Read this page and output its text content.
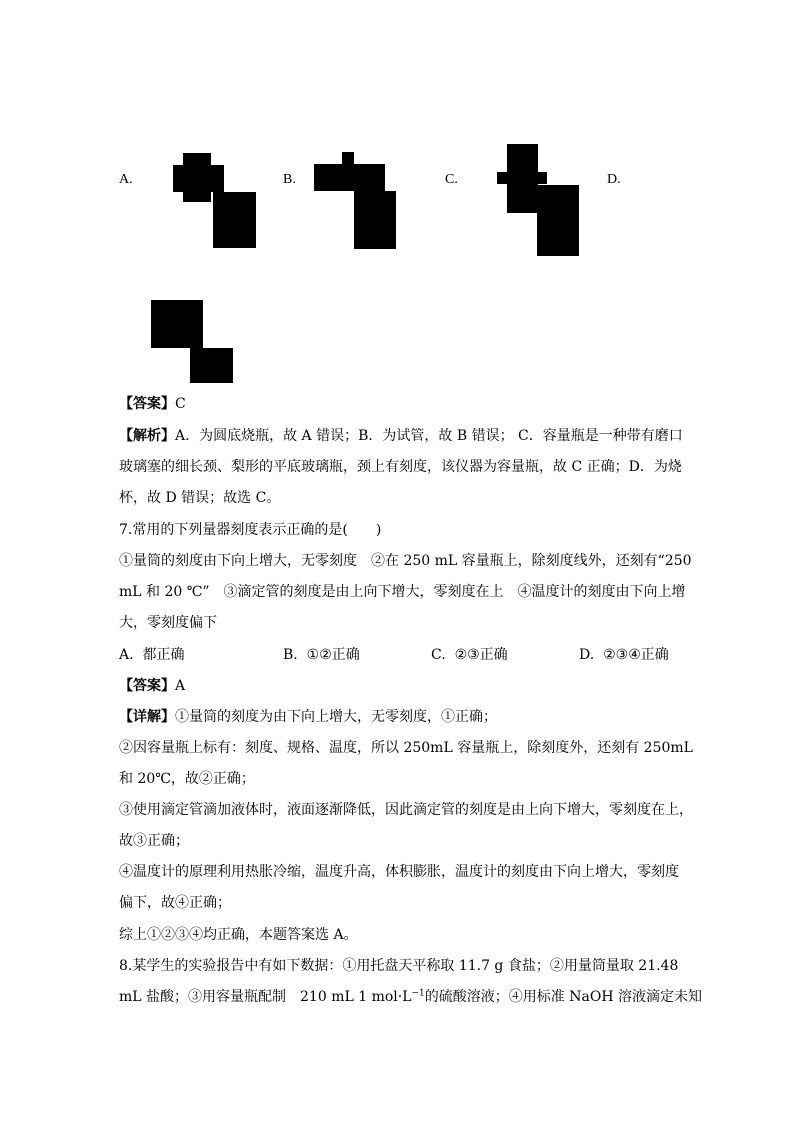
A.	B.	C.	D.
【答案】C
【解析】A．为圆底烧瓶，故 A 错误；B．为试管，故 B 错误； C．容量瓶是一种带有磨口
玻璃塞的细长颈、梨形的平底玻璃瓶，颈上有刻度，该仪器为容量瓶，故 C 正确；D．为烧
杯，故 D 错误；故选 C。
7.常用的下列量器刻度表示正确的是(　　)
①量筒的刻度由下向上增大，无零刻度　②在 250 mL 容量瓶上，除刻度线外，还刻有“250
mL 和 20 ℃”　③滴定管的刻度是由上向下增大，零刻度在上　④温度计的刻度由下向上增
大，零刻度偏下
A. 都正确	B. ①②正确	C. ②③正确	D. ②③④正确
【答案】A
【详解】①量筒的刻度为由下向上增大，无零刻度，①正确；
②因容量瓶上标有：刻度、规格、温度，所以 250mL 容量瓶上，除刻度外，还刻有 250mL
和 20℃，故②正确；
③使用滴定管滴加液体时，液面逐渐降低，因此滴定管的刻度是由上向下增大，零刻度在上，
故③正确；
④温度计的原理利用热胀冷缩，温度升高，体积膨胀，温度计的刻度由下向上增大，零刻度
偏下，故④正确；
综上①②③④均正确，本题答案选 A。
8.某学生的实验报告中有如下数据：①用托盘天平称取 11.7 g 食盐；②用量筒量取 21.48
mL 盐酸；③用容量瓶配制　210 mL 1 $mol\cdot L^{-1}$的硫酸溶液；④用标准 NaOH 溶液滴定未知
